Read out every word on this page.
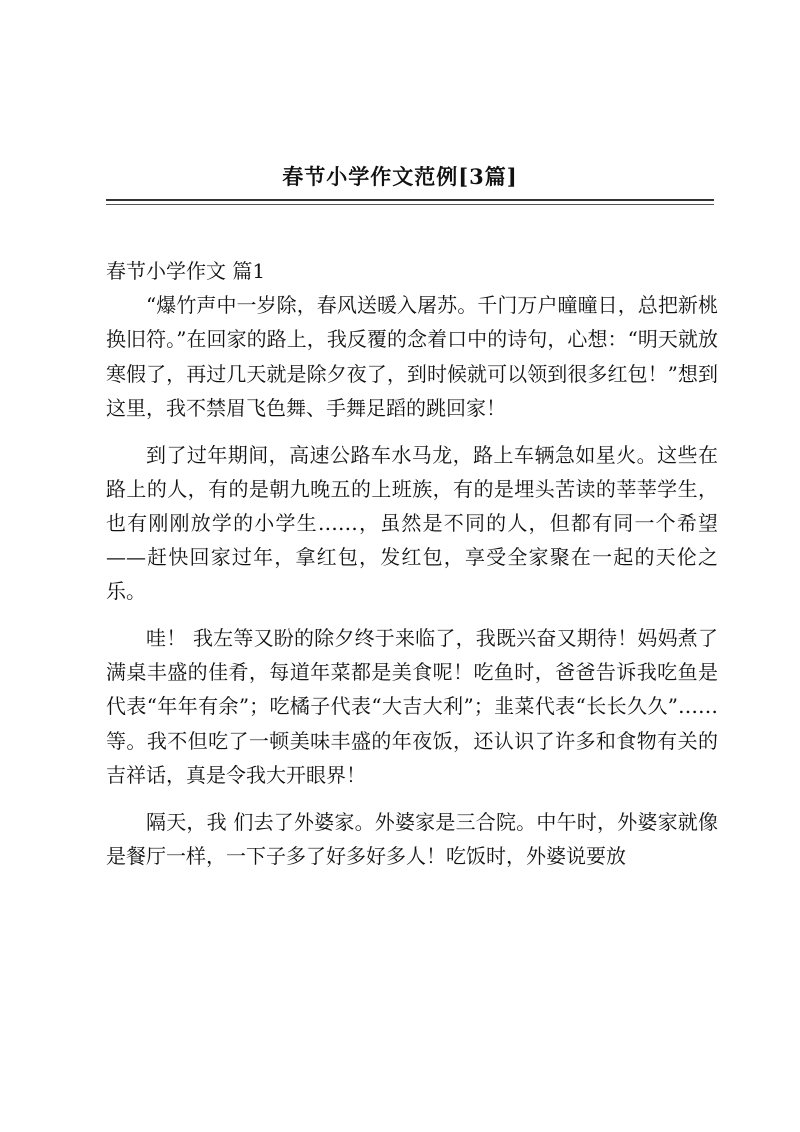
春节小学作文范例[3篇]
春节小学作文 篇1

“爆竹声中一岁除，春风送暖入屠苏。千门万户曈曈日，总把新桃换旧符。”在回家的路上，我反覆的念着口中的诗句，心想：“明天就放寒假了，再过几天就是除夕夜了，到时候就可以领到很多红包！”想到这里，我不禁眉飞色舞、手舞足蹈的跳回家！

到了过年期间，高速公路车水马龙，路上车辆急如星火。这些在路上的人，有的是朝九晚五的上班族，有的是埋头苦读的莘莘学生，也有刚刚放学的小学生……，虽然是不同的人，但都有同一个希望——赶快回家过年，拿红包，发红包，享受全家聚在一起的天伦之乐。

哇！ 我左等又盼的除夕终于来临了，我既兴奋又期待！妈妈煮了满桌丰盛的佳肴，每道年菜都是美食呢！吃鱼时，爸爸告诉我吃鱼是代表“年年有余”；吃橘子代表“大吉大利”；韭菜代表“长长久久”……等。我不但吃了一顿美味丰盛的年夜饭，还认识了许多和食物有关的吉祥话，真是令我大开眼界！

隔天，我 们去了外婆家。外婆家是三合院。中午时，外婆家就像是餐厅一样，一下子多了好多好多人！吃饭时，外婆说要放
